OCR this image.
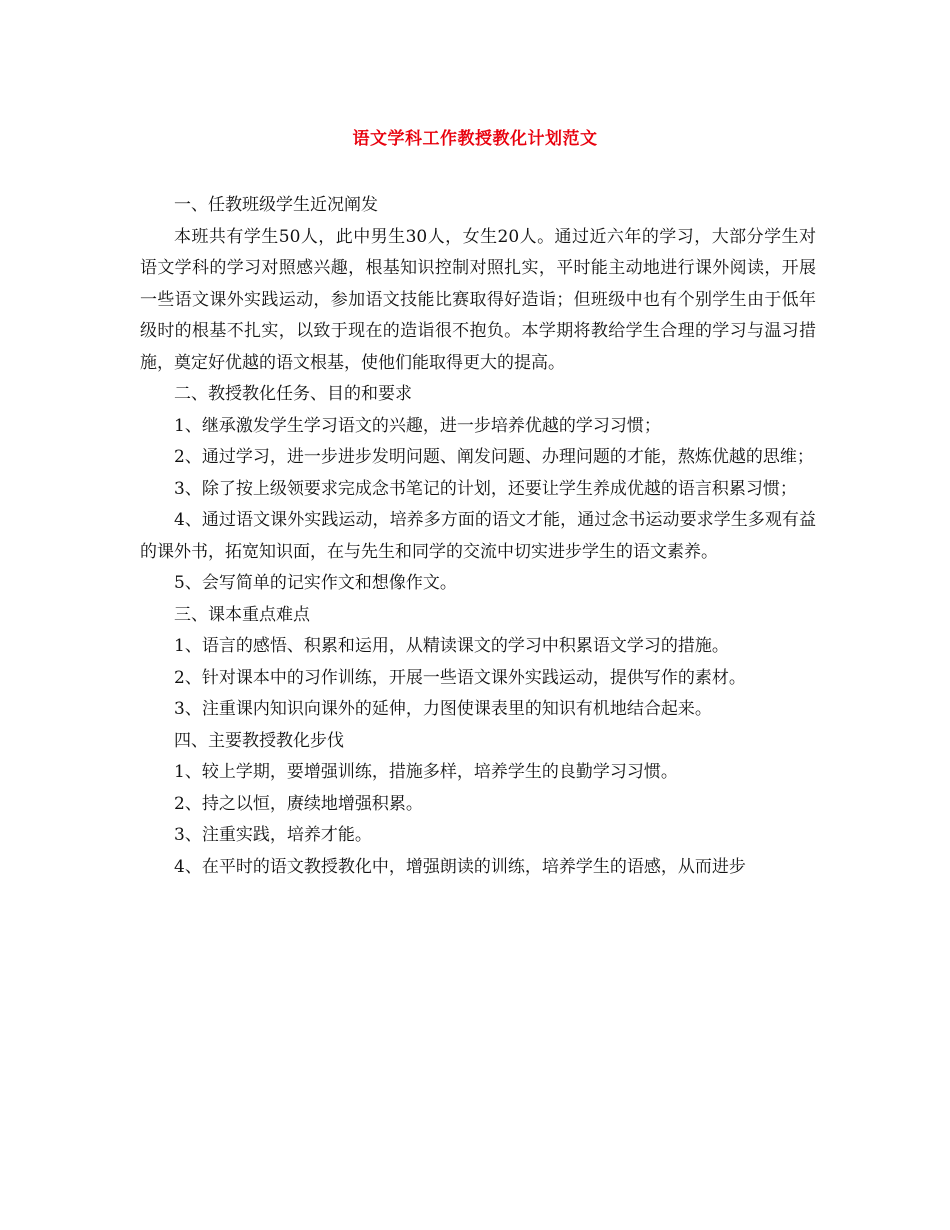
语文学科工作教授教化计划范文

一、任教班级学生近况阐发

本班共有学生50人，此中男生30人，女生20人。通过近六年的学习，大部分学生对语文学科的学习对照感兴趣，根基知识控制对照扎实，平时能主动地进行课外阅读，开展一些语文课外实践运动，参加语文技能比赛取得好造诣；但班级中也有个别学生由于低年级时的根基不扎实，以致于现在的造诣很不抱负。本学期将教给学生合理的学习与温习措施，奠定好优越的语文根基，使他们能取得更大的提高。

二、教授教化任务、目的和要求

1、继承激发学生学习语文的兴趣，进一步培养优越的学习习惯；

2、通过学习，进一步进步发明问题、阐发问题、办理问题的才能，熬炼优越的思维；

3、除了按上级领要求完成念书笔记的计划，还要让学生养成优越的语言积累习惯；

4、通过语文课外实践运动，培养多方面的语文才能，通过念书运动要求学生多观有益的课外书，拓宽知识面，在与先生和同学的交流中切实进步学生的语文素养。

5、会写简单的记实作文和想像作文。

三、课本重点难点

1、语言的感悟、积累和运用，从精读课文的学习中积累语文学习的措施。

2、针对课本中的习作训练，开展一些语文课外实践运动，提供写作的素材。

3、注重课内知识向课外的延伸，力图使课表里的知识有机地结合起来。

四、主要教授教化步伐

1、较上学期，要增强训练，措施多样，培养学生的良勤学习习惯。

2、持之以恒，赓续地增强积累。

3、注重实践，培养才能。

4、在平时的语文教授教化中，增强朗读的训练，培养学生的语感，从而进步
